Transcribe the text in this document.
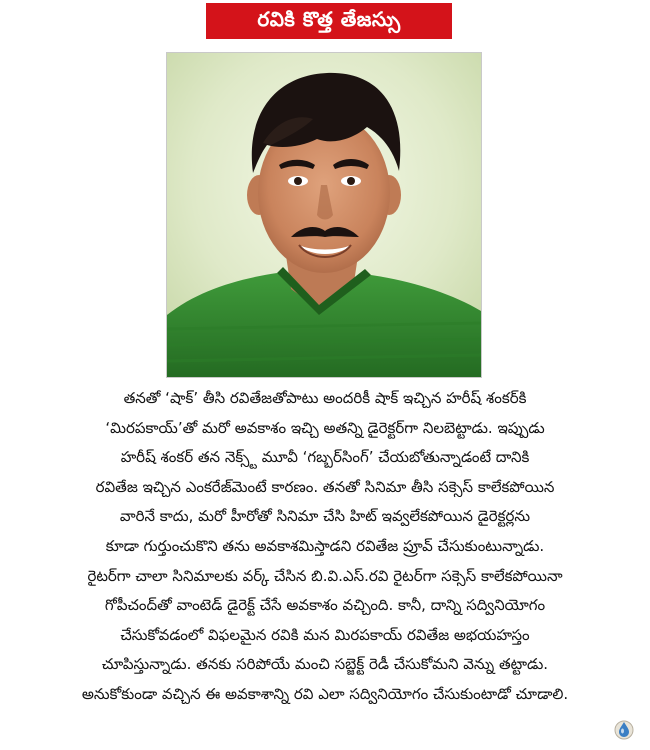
రవికి కొత్త తేజస్సు
తనతో ‘షాక్’ తీసి రవితేజతోపాటు అందరికీ షాక్ ఇచ్చిన హరీష్ శంకర్‌కి
‘మిరపకాయ్’తో మరో అవకాశం ఇచ్చి అతన్ని డైరెక్టర్‌గా నిలబెట్టాడు. ఇప్పుడు
హరీష్ శంకర్ తన నెక్స్ట్ మూవీ ‘గబ్బర్‌సింగ్’ చేయబోతున్నాడంటే దానికి
రవితేజ ఇచ్చిన ఎంకరేజ్‌మెంటే కారణం. తనతో సినిమా తీసి సక్సెస్ కాలేకపోయిన
వారినే కాదు, మరో హీరోతో సినిమా చేసి హిట్ ఇవ్వలేకపోయిన డైరెక్టర్లను
కూడా గుర్తుంచుకొని తను అవకాశమిస్తాడని రవితేజ ప్రూవ్ చేసుకుంటున్నాడు.
రైటర్‌గా చాలా సినిమాలకు వర్క్ చేసిన బి.వి.ఎస్.రవి రైటర్‌గా సక్సెస్ కాలేకపోయినా
గోపీచంద్‌తో వాంటెడ్ డైరెక్ట్ చేసే అవకాశం వచ్చింది. కానీ, దాన్ని సద్వినియోగం
చేసుకోవడంలో విఫలమైన రవికి మన మిరపకాయ్ రవితేజ అభయహస్తం
చూపిస్తున్నాడు. తనకు సరిపోయే మంచి సబ్జెక్ట్ రెడీ చేసుకోమని వెన్ను తట్టాడు.
అనుకోకుండా వచ్చిన ఈ అవకాశాన్ని రవి ఎలా సద్వినియోగం చేసుకుంటాడో చూడాలి.
